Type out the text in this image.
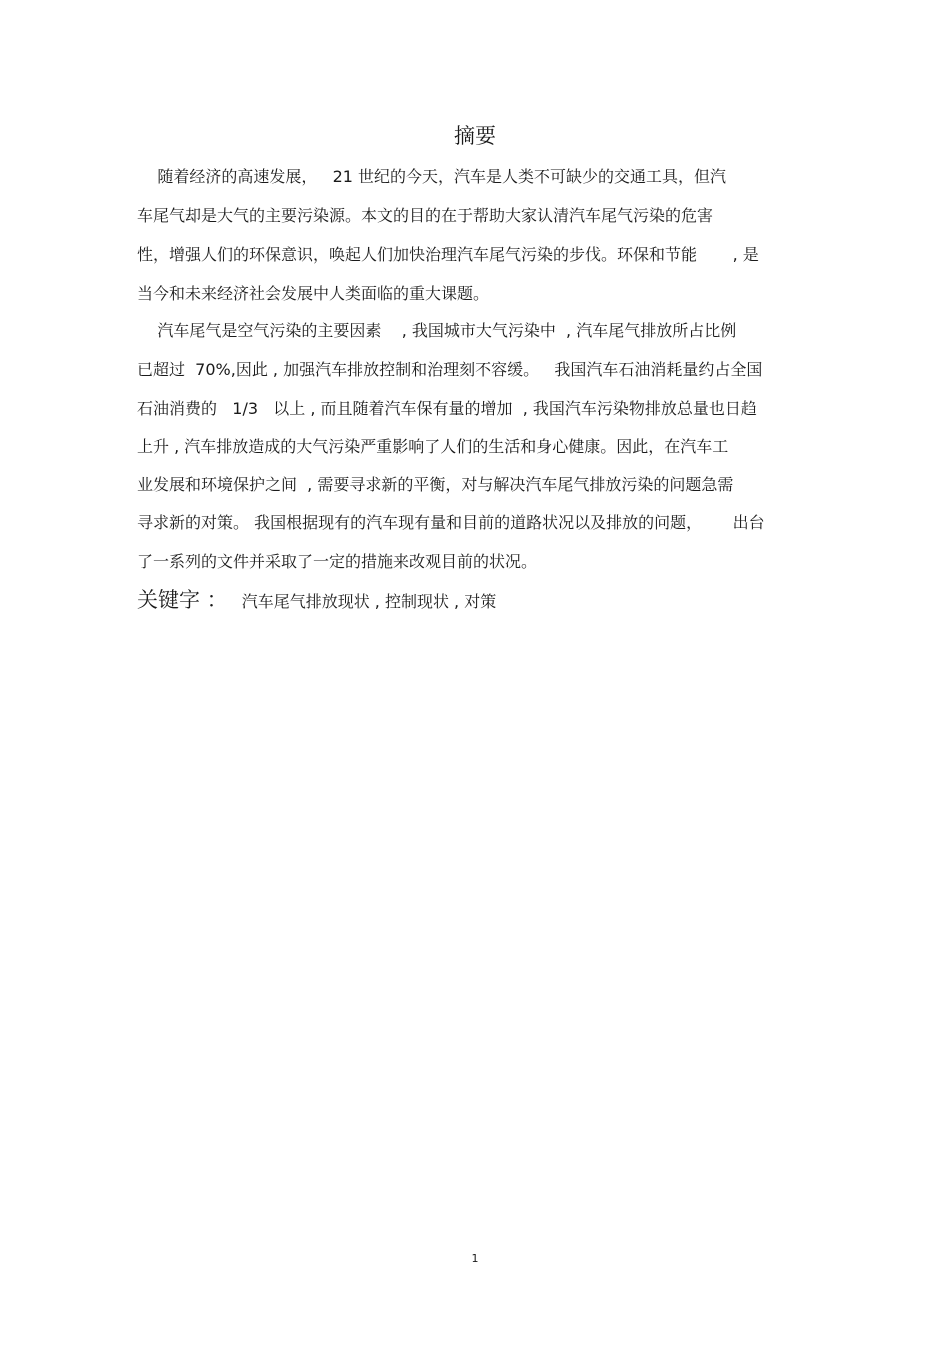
摘要
随着经济的高速发展，   21 世纪的今天，汽车是人类不可缺少的交通工具，但汽
车尾气却是大气的主要污染源。本文的目的在于帮助大家认清汽车尾气污染的危害
性，增强人们的环保意识，唤起人们加快治理汽车尾气污染的步伐。环保和节能       , 是
当今和未来经济社会发展中人类面临的重大课题。
汽车尾气是空气污染的主要因素    , 我国城市大气污染中  , 汽车尾气排放所占比例
已超过  70%,因此 , 加强汽车排放控制和治理刻不容缓。   我国汽车石油消耗量约占全国
石油消费的   1/3   以上 , 而且随着汽车保有量的增加  , 我国汽车污染物排放总量也日趋
上升 , 汽车排放造成的大气污染严重影响了人们的生活和身心健康。因此，在汽车工
业发展和环境保护之间  , 需要寻求新的平衡，对与解决汽车尾气排放污染的问题急需
寻求新的对策。 我国根据现有的汽车现有量和目前的道路状况以及排放的问题，      出台
了一系列的文件并采取了一定的措施来改观目前的状况。
关键字 ： 汽车尾气排放现状 , 控制现状 , 对策
1
